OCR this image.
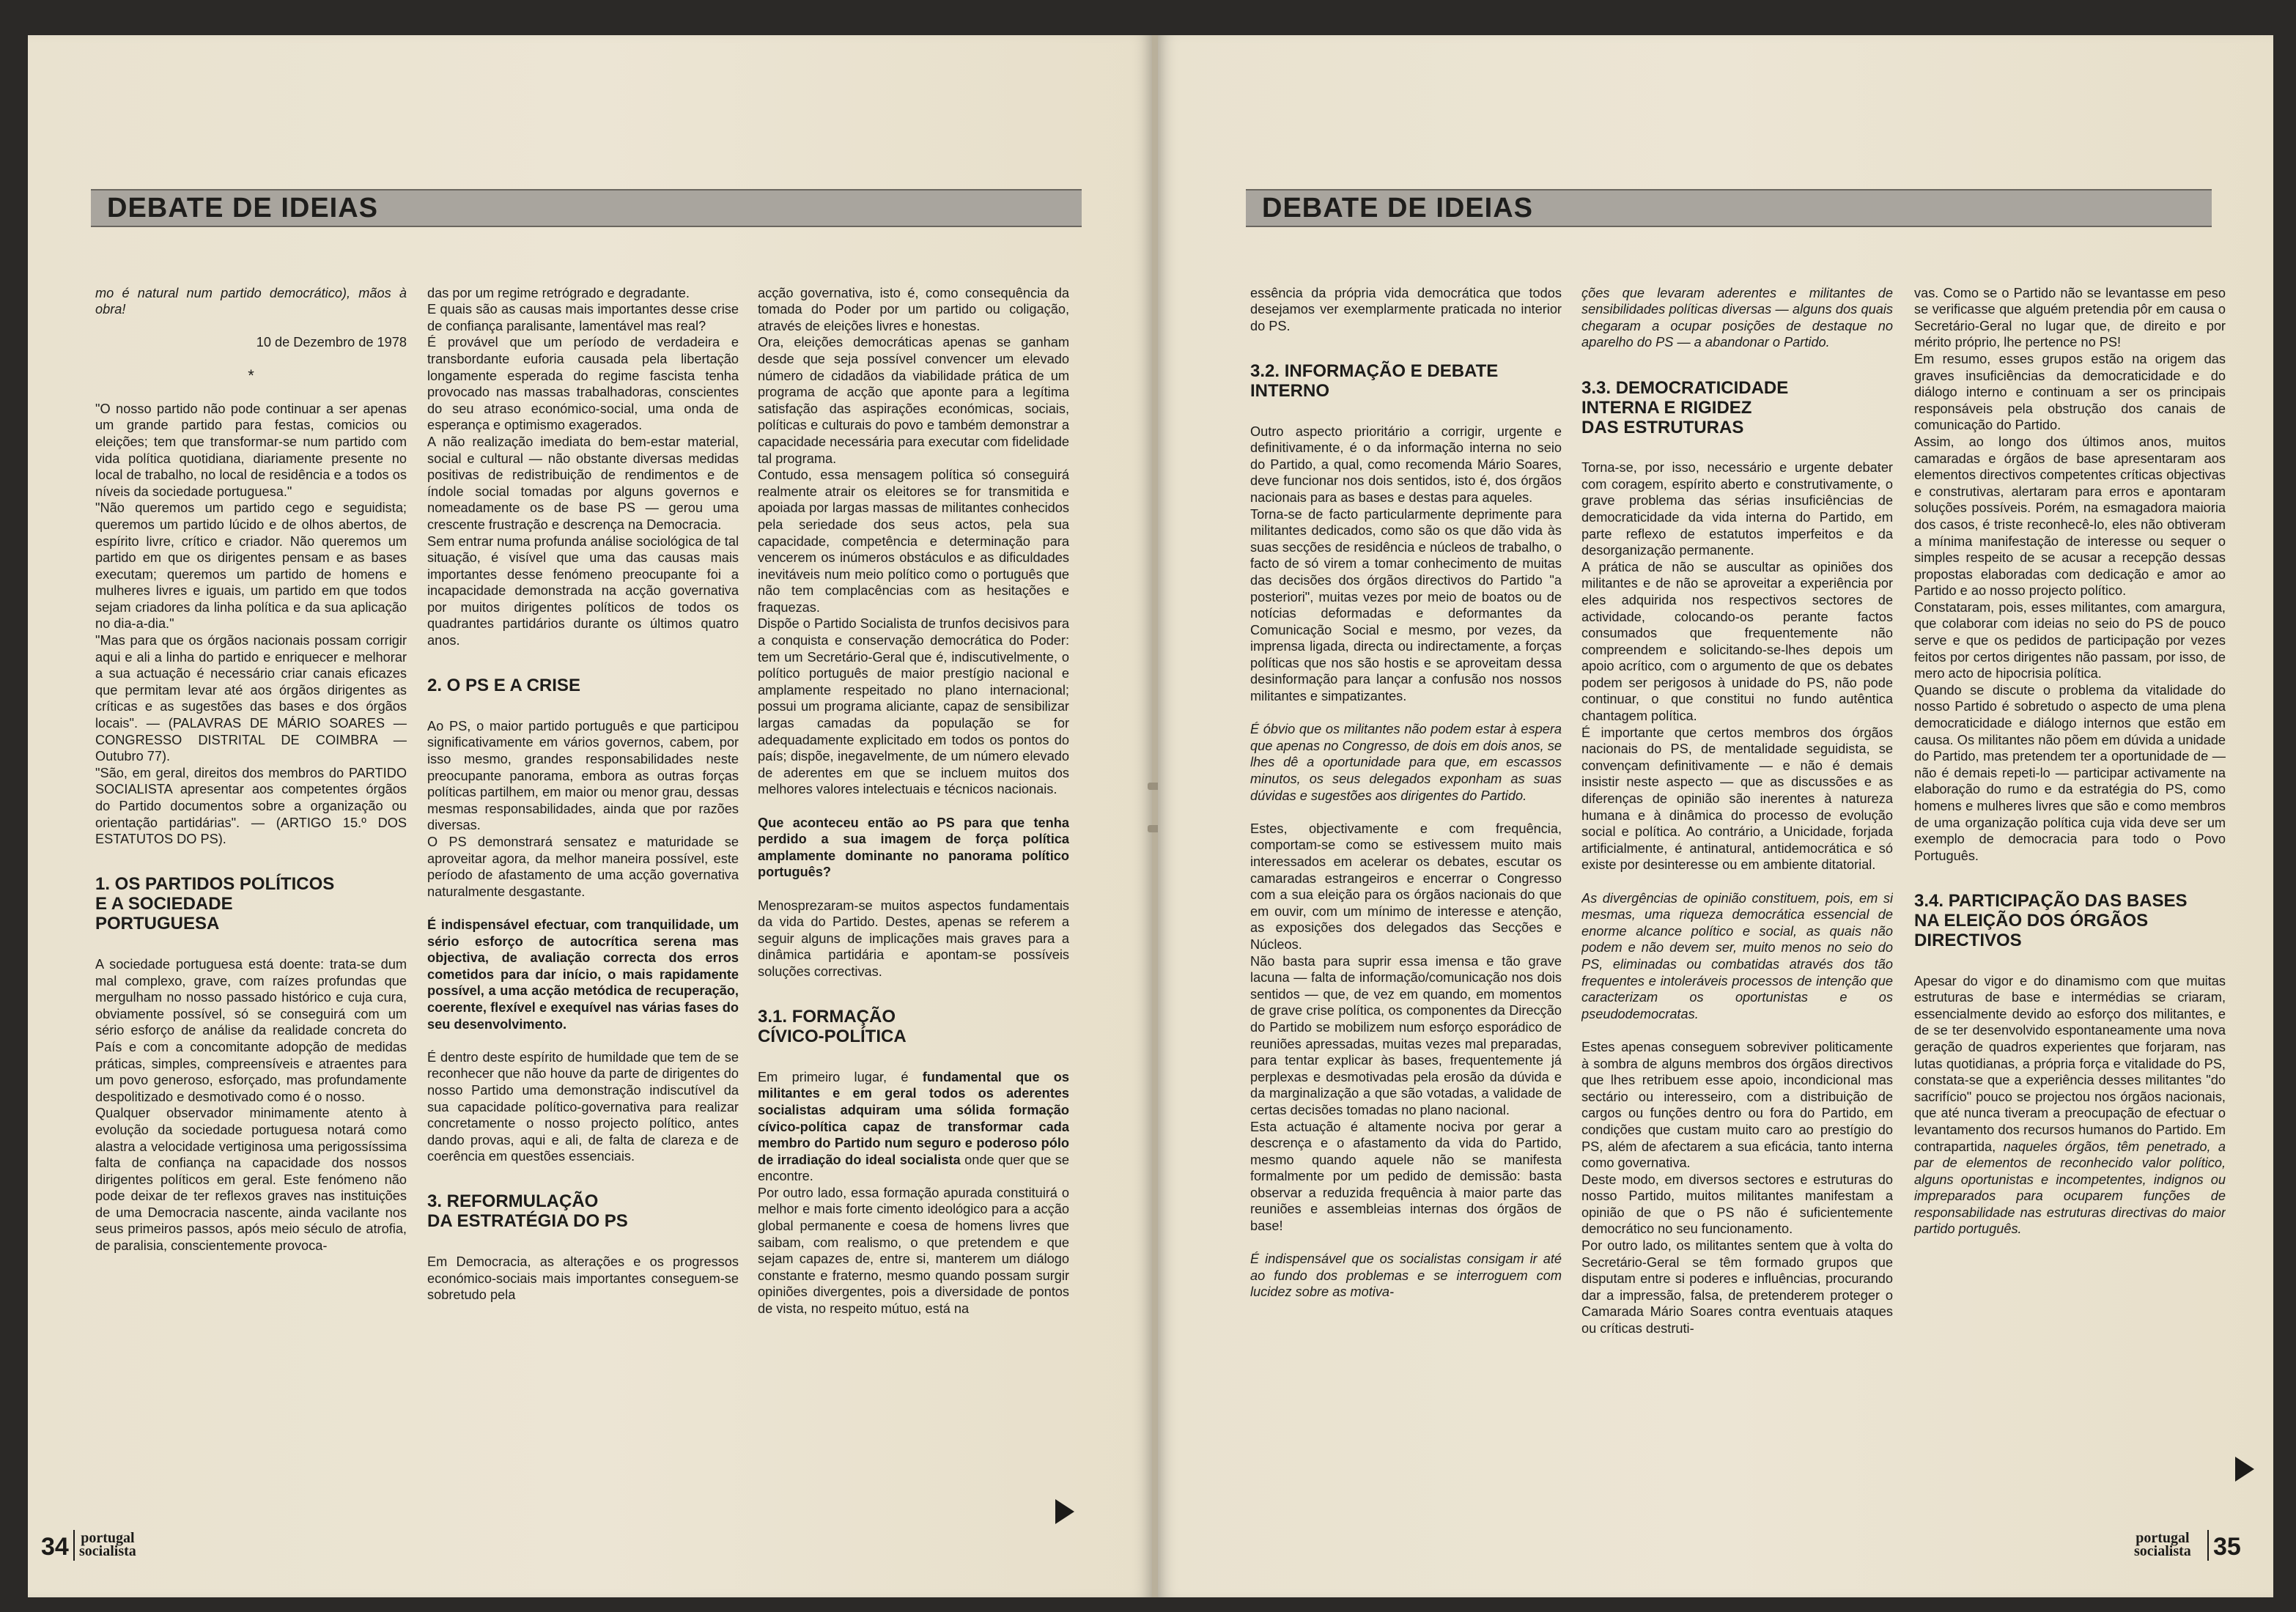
DEBATE DE IDEIAS

mo é natural num partido democrático), mãos à obra!

10 de Dezembro de 1978

*

"O nosso partido não pode continuar a ser apenas um grande partido para festas, comicios ou eleições; tem que transformar-se num partido com vida política quotidiana, diariamente presente no local de trabalho, no local de residência e a todos os níveis da sociedade portuguesa."
"Não queremos um partido cego e seguidista; queremos um partido lúcido e de olhos abertos, de espírito livre, crítico e criador. Não queremos um partido em que os dirigentes pensam e as bases executam; queremos um partido de homens e mulheres livres e iguais, um partido em que todos sejam criadores da linha política e da sua aplicação no dia-a-dia."
"Mas para que os órgãos nacionais possam corrigir aqui e ali a linha do partido e enriquecer e melhorar a sua actuação é necessário criar canais eficazes que permitam levar até aos órgãos dirigentes as críticas e as sugestões das bases e dos órgãos locais". — (PALAVRAS DE MÁRIO SOARES — CONGRESSO DISTRITAL DE COIMBRA — Outubro 77).
"São, em geral, direitos dos membros do PARTIDO SOCIALISTA apresentar aos competentes órgãos do Partido documentos sobre a organização ou orientação partidárias". — (ARTIGO 15.º DOS ESTATUTOS DO PS).

1. OS PARTIDOS POLÍTICOS
E A SOCIEDADE
PORTUGUESA

A sociedade portuguesa está doente: trata-se dum mal complexo, grave, com raízes profundas que mergulham no nosso passado histórico e cuja cura, obviamente possível, só se conseguirá com um sério esforço de análise da realidade concreta do País e com a concomitante adopção de medidas práticas, simples, compreensíveis e atraentes para um povo generoso, esforçado, mas profundamente despolitizado e desmotivado como é o nosso.
Qualquer observador minimamente atento à evolução da sociedade portuguesa notará como alastra a velocidade vertiginosa uma perigossíssima falta de confiança na capacidade dos nossos dirigentes políticos em geral. Este fenómeno não pode deixar de ter reflexos graves nas instituições de uma Democracia nascente, ainda vacilante nos seus primeiros passos, após meio século de atrofia, de paralisia, conscientemente provoca-

das por um regime retrógrado e degradante.
E quais são as causas mais importantes desse crise de confiança paralisante, lamentável mas real?
É provável que um período de verdadeira e transbordante euforia causada pela libertação longamente esperada do regime fascista tenha provocado nas massas trabalhadoras, conscientes do seu atraso económico-social, uma onda de esperança e optimismo exagerados.
A não realização imediata do bem-estar material, social e cultural — não obstante diversas medidas positivas de redistribuição de rendimentos e de índole social tomadas por alguns governos e nomeadamente os de base PS — gerou uma crescente frustração e descrença na Democracia.
Sem entrar numa profunda análise sociológica de tal situação, é visível que uma das causas mais importantes desse fenómeno preocupante foi a incapacidade demonstrada na acção governativa por muitos dirigentes políticos de todos os quadrantes partidários durante os últimos quatro anos.

2. O PS E A CRISE

Ao PS, o maior partido português e que participou significativamente em vários governos, cabem, por isso mesmo, grandes responsabilidades neste preocupante panorama, embora as outras forças políticas partilhem, em maior ou menor grau, dessas mesmas responsabilidades, ainda que por razões diversas.
O PS demonstrará sensatez e maturidade se aproveitar agora, da melhor maneira possível, este período de afastamento de uma acção governativa naturalmente desgastante.

É indispensável efectuar, com tranquilidade, um sério esforço de autocrítica serena mas objectiva, de avaliação correcta dos erros cometidos para dar início, o mais rapidamente possível, a uma acção metódica de recuperação, coerente, flexível e exequível nas várias fases do seu desenvolvimento.

É dentro deste espírito de humildade que tem de se reconhecer que não houve da parte de dirigentes do nosso Partido uma demonstração indiscutível da sua capacidade político-governativa para realizar concretamente o nosso projecto político, antes dando provas, aqui e ali, de falta de clareza e de coerência em questões essenciais.

3. REFORMULAÇÃO
DA ESTRATÉGIA DO PS

Em Democracia, as alterações e os progressos económico-sociais mais importantes conseguem-se sobretudo pela

acção governativa, isto é, como consequência da tomada do Poder por um partido ou coligação, através de eleições livres e honestas.
Ora, eleições democráticas apenas se ganham desde que seja possível convencer um elevado número de cidadãos da viabilidade prática de um programa de acção que aponte para a legítima satisfação das aspirações económicas, sociais, políticas e culturais do povo e também demonstrar a capacidade necessária para executar com fidelidade tal programa.
Contudo, essa mensagem política só conseguirá realmente atrair os eleitores se for transmitida e apoiada por largas massas de militantes conhecidos pela seriedade dos seus actos, pela sua capacidade, competência e determinação para vencerem os inúmeros obstáculos e as dificuldades inevitáveis num meio político como o português que não tem complacências com as hesitações e fraquezas.
Dispõe o Partido Socialista de trunfos decisivos para a conquista e conservação democrática do Poder: tem um Secretário-Geral que é, indiscutivelmente, o político português de maior prestígio nacional e amplamente respeitado no plano internacional; possui um programa aliciante, capaz de sensibilizar largas camadas da população se for adequadamente explicitado em todos os pontos do país; dispõe, inegavelmente, de um número elevado de aderentes em que se incluem muitos dos melhores valores intelectuais e técnicos nacionais.

Que aconteceu então ao PS para que tenha perdido a sua imagem de força política amplamente dominante no panorama político português?

Menosprezaram-se muitos aspectos fundamentais da vida do Partido. Destes, apenas se referem a seguir alguns de implicações mais graves para a dinâmica partidária e apontam-se possíveis soluções correctivas.

3.1. FORMAÇÃO
CÍVICO-POLÍTICA

Em primeiro lugar, é fundamental que os militantes e em geral todos os aderentes socialistas adquiram uma sólida formação cívico-política capaz de transformar cada membro do Partido num seguro e poderoso pólo de irradiação do ideal socialista onde quer que se encontre.
Por outro lado, essa formação apurada constituirá o melhor e mais forte cimento ideológico para a acção global permanente e coesa de homens livres que saibam, com realismo, o que pretendem e que sejam capazes de, entre si, manterem um diálogo constante e fraterno, mesmo quando possam surgir opiniões divergentes, pois a diversidade de pontos de vista, no respeito mútuo, está na

34 portugal
socialista
DEBATE DE IDEIAS

essência da própria vida democrática que todos desejamos ver exemplarmente praticada no interior do PS.

3.2. INFORMAÇÃO E DEBATE
INTERNO

Outro aspecto prioritário a corrigir, urgente e definitivamente, é o da informação interna no seio do Partido, a qual, como recomenda Mário Soares, deve funcionar nos dois sentidos, isto é, dos órgãos nacionais para as bases e destas para aqueles.
Torna-se de facto particularmente deprimente para militantes dedicados, como são os que dão vida às suas secções de residência e núcleos de trabalho, o facto de só virem a tomar conhecimento de muitas das decisões dos órgãos directivos do Partido "a posteriori", muitas vezes por meio de boatos ou de notícias deformadas e deformantes da Comunicação Social e mesmo, por vezes, da imprensa ligada, directa ou indirectamente, a forças políticas que nos são hostis e se aproveitam dessa desinformação para lançar a confusão nos nossos militantes e simpatizantes.

É óbvio que os militantes não podem estar à espera que apenas no Congresso, de dois em dois anos, se lhes dê a oportunidade para que, em escassos minutos, os seus delegados exponham as suas dúvidas e sugestões aos dirigentes do Partido.

Estes, objectivamente e com frequência, comportam-se como se estivessem muito mais interessados em acelerar os debates, escutar os camaradas estrangeiros e encerrar o Congresso com a sua eleição para os órgãos nacionais do que em ouvir, com um mínimo de interesse e atenção, as exposições dos delegados das Secções e Núcleos.
Não basta para suprir essa imensa e tão grave lacuna — falta de informação/comunicação nos dois sentidos — que, de vez em quando, em momentos de grave crise política, os componentes da Direcção do Partido se mobilizem num esforço esporádico de reuniões apressadas, muitas vezes mal preparadas, para tentar explicar às bases, frequentemente já perplexas e desmotivadas pela erosão da dúvida e da marginalização a que são votadas, a validade de certas decisões tomadas no plano nacional.
Esta actuação é altamente nociva por gerar a descrença e o afastamento da vida do Partido, mesmo quando aquele não se manifesta formalmente por um pedido de demissão: basta observar a reduzida frequência à maior parte das reuniões e assembleias internas dos órgãos de base!

É indispensável que os socialistas consigam ir até ao fundo dos problemas e se interroguem com lucidez sobre as motiva-

ções que levaram aderentes e militantes de sensibilidades políticas diversas — alguns dos quais chegaram a ocupar posições de destaque no aparelho do PS — a abandonar o Partido.

3.3. DEMOCRATICIDADE
INTERNA E RIGIDEZ
DAS ESTRUTURAS

Torna-se, por isso, necessário e urgente debater com coragem, espírito aberto e construtivamente, o grave problema das sérias insuficiências de democraticidade da vida interna do Partido, em parte reflexo de estatutos imperfeitos e da desorganização permanente.
A prática de não se auscultar as opiniões dos militantes e de não se aproveitar a experiência por eles adquirida nos respectivos sectores de actividade, colocando-os perante factos consumados que frequentemente não compreendem e solicitando-se-lhes depois um apoio acrítico, com o argumento de que os debates podem ser perigosos à unidade do PS, não pode continuar, o que constitui no fundo autêntica chantagem política.
É importante que certos membros dos órgãos nacionais do PS, de mentalidade seguidista, se convençam definitivamente — e não é demais insistir neste aspecto — que as discussões e as diferenças de opinião são inerentes à natureza humana e à dinâmica do processo de evolução social e política. Ao contrário, a Unicidade, forjada artificialmente, é antinatural, antidemocrática e só existe por desinteresse ou em ambiente ditatorial.

As divergências de opinião constituem, pois, em si mesmas, uma riqueza democrática essencial de enorme alcance político e social, as quais não podem e não devem ser, muito menos no seio do PS, eliminadas ou combatidas através dos tão frequentes e intoleráveis processos de intenção que caracterizam os oportunistas e os pseudodemocratas.

Estes apenas conseguem sobreviver politicamente à sombra de alguns membros dos órgãos directivos que lhes retribuem esse apoio, incondicional mas sectário ou interesseiro, com a distribuição de cargos ou funções dentro ou fora do Partido, em condições que custam muito caro ao prestígio do PS, além de afectarem a sua eficácia, tanto interna como governativa.
Deste modo, em diversos sectores e estruturas do nosso Partido, muitos militantes manifestam a opinião de que o PS não é suficientemente democrático no seu funcionamento.
Por outro lado, os militantes sentem que à volta do Secretário-Geral se têm formado grupos que disputam entre si poderes e influências, procurando dar a impressão, falsa, de pretenderem proteger o Camarada Mário Soares contra eventuais ataques ou críticas destruti-

vas. Como se o Partido não se levantasse em peso se verificasse que alguém pretendia pôr em causa o Secretário-Geral no lugar que, de direito e por mérito próprio, lhe pertence no PS!
Em resumo, esses grupos estão na origem das graves insuficiências da democraticidade e do diálogo interno e continuam a ser os principais responsáveis pela obstrução dos canais de comunicação do Partido.
Assim, ao longo dos últimos anos, muitos camaradas e órgãos de base apresentaram aos elementos directivos competentes críticas objectivas e construtivas, alertaram para erros e apontaram soluções possíveis. Porém, na esmagadora maioria dos casos, é triste reconhecê-lo, eles não obtiveram a mínima manifestação de interesse ou sequer o simples respeito de se acusar a recepção dessas propostas elaboradas com dedicação e amor ao Partido e ao nosso projecto político.
Constataram, pois, esses militantes, com amargura, que colaborar com ideias no seio do PS de pouco serve e que os pedidos de participação por vezes feitos por certos dirigentes não passam, por isso, de mero acto de hipocrisia política.
Quando se discute o problema da vitalidade do nosso Partido é sobretudo o aspecto de uma plena democraticidade e diálogo internos que estão em causa. Os militantes não põem em dúvida a unidade do Partido, mas pretendem ter a oportunidade de — não é demais repeti-lo — participar activamente na elaboração do rumo e da estratégia do PS, como homens e mulheres livres que são e como membros de uma organização política cuja vida deve ser um exemplo de democracia para todo o Povo Português.

3.4. PARTICIPAÇÃO DAS BASES
NA ELEIÇÃO DOS ÓRGÃOS
DIRECTIVOS

Apesar do vigor e do dinamismo com que muitas estruturas de base e intermédias se criaram, essencialmente devido ao esforço dos militantes, e de se ter desenvolvido espontaneamente uma nova geração de quadros experientes que forjaram, nas lutas quotidianas, a própria força e vitalidade do PS, constata-se que a experiência desses militantes "do sacrifício" pouco se projectou nos órgãos nacionais, que até nunca tiveram a preocupação de efectuar o levantamento dos recursos humanos do Partido. Em contrapartida, naqueles órgãos, têm penetrado, a par de elementos de reconhecido valor político, alguns oportunistas e incompetentes, indignos ou impreparados para ocuparem funções de responsabilidade nas estruturas directivas do maior partido português.

portugal
socialista 35
